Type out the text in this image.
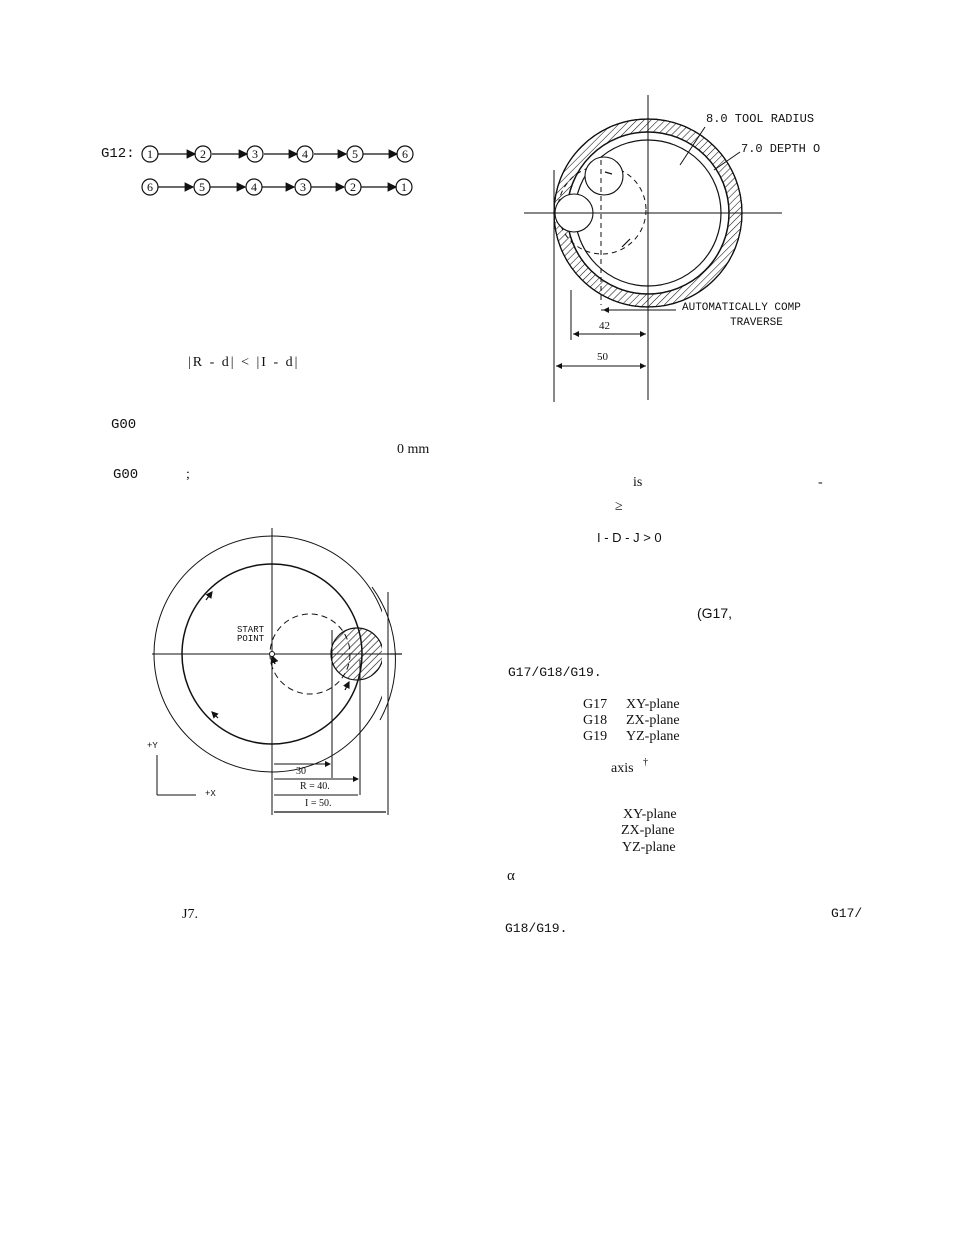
G12: 1	2	3	4	5	6
6	5	4	3	2	1
|R - d| < |I - d|
G00
0 mm
G00	;
START
POINT
+Y
+X
30
R = 40.
I = 50.
J7.
8.0 TOOL RADIUS
7.0 DEPTH O
AUTOMATICALLY COMP
TRAVERSE
42
50
is	-
≥
I - D - J > 0
(G17,
G17/G18/G19.
G17 XY-plane
G18 ZX-plane
G19 YZ-plane
axis †
XY-plane
ZX-plane
YZ-plane
α
G17/
G18/G19.
